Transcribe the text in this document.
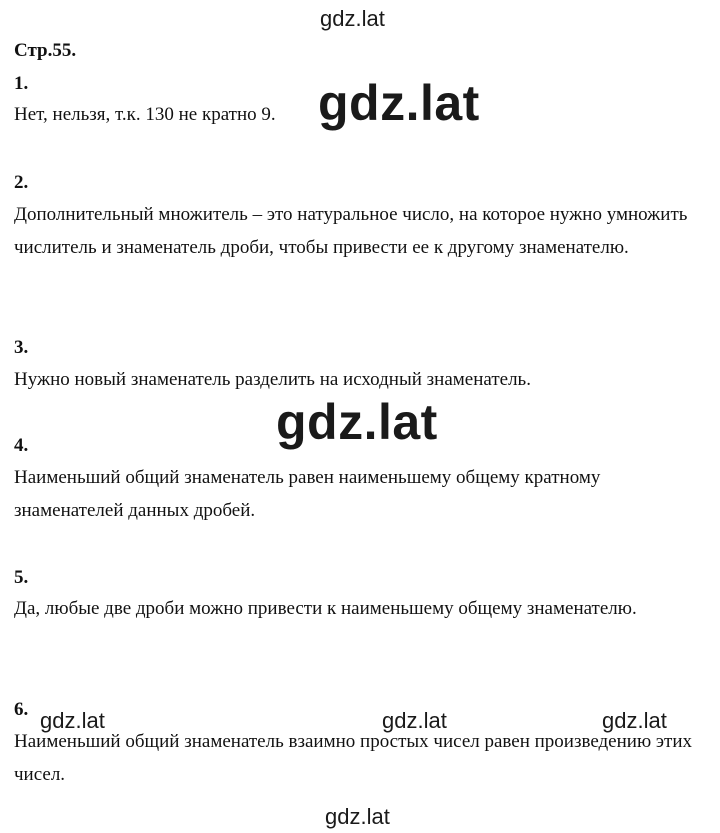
gdz.lat
Стр.55.
1.

Нет, нельзя, т.к. 130 не кратно 9.

2.

Дополнительный множитель – это натуральное число, на которое нужно умножить числитель и знаменатель дроби, чтобы привести ее к другому знаменателю.

3.

Нужно новый знаменатель разделить на исходный знаменатель.

4.

Наименьший общий знаменатель равен наименьшему общему кратному знаменателей данных дробей.

5.

Да, любые две дроби можно привести к наименьшему общему знаменателю.

6.

Наименьший общий знаменатель взаимно простых чисел равен произведению этих чисел.

gdz.lat
gdz.lat
gdz.lat	gdz.lat	gdz.lat
gdz.lat
